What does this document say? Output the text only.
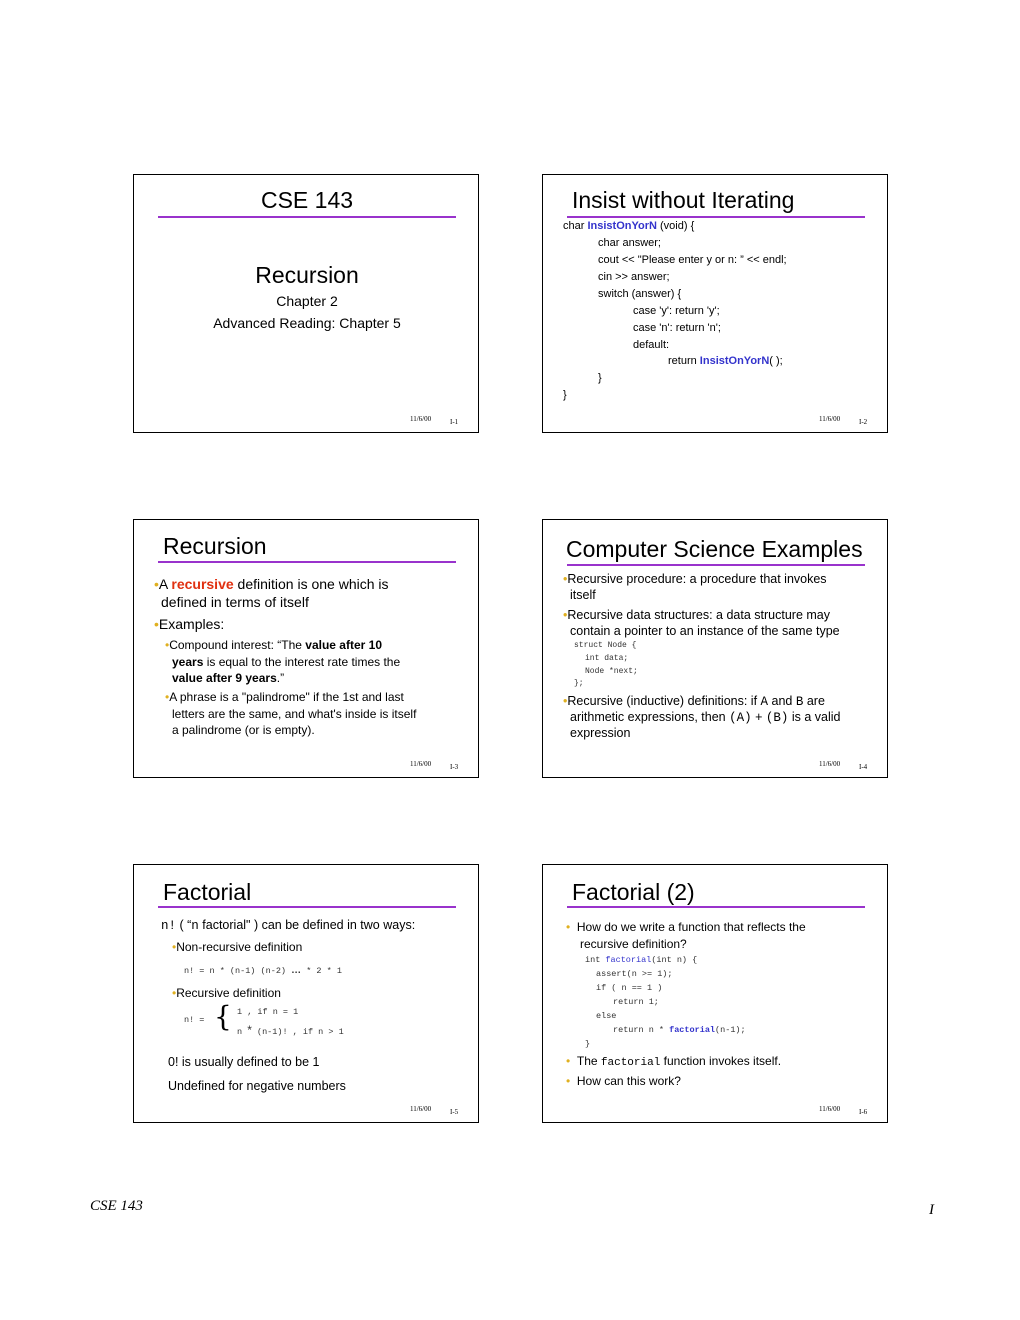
CSE 143
Recursion
Chapter 2
Advanced Reading: Chapter 5
11/6/00	I-1
Insist without Iterating
char InsistOnYorN (void) {
char answer;
cout << "Please enter y or n: ” << endl;
cin >> answer;
switch (answer) {
case 'y': return 'y';
case 'n': return 'n';
default:
return InsistOnYorN( );
}
}
11/6/00	I-2
Recursion
•A recursive definition is one which is
defined in terms of itself
•Examples:
•Compound interest: “The value after 10
years is equal to the interest rate times the
value after 9 years.”
•A phrase is a "palindrome" if the 1st and last
letters are the same, and what's inside is itself
a palindrome (or is empty).
11/6/00	I-3
Computer Science Examples
•Recursive procedure: a procedure that invokes
itself
•Recursive data structures: a data structure may
contain a pointer to an instance of the same type
struct Node {
int data;
Node *next;
};
•Recursive (inductive) definitions: if A and B are
arithmetic expressions, then (A) + (B) is a valid
expression
11/6/00	I-4
Factorial
n! ( “n factorial" ) can be defined in two ways:
•Non-recursive definition
n! = n * (n-1) (n-2) … * 2 * 1
•Recursive definition
n! = { 1 , if n = 1
n * (n-1)! , if n > 1
0! is usually defined to be 1
Undefined for negative numbers
11/6/00	I-5
Factorial (2)
• How do we write a function that reflects the
recursive definition?
int factorial(int n) {
assert(n >= 1);
if ( n == 1 )
return 1;
else
return n * factorial(n-1);
}
• The factorial function invokes itself.
• How can this work?
11/6/00	I-6
CSE 143	I
